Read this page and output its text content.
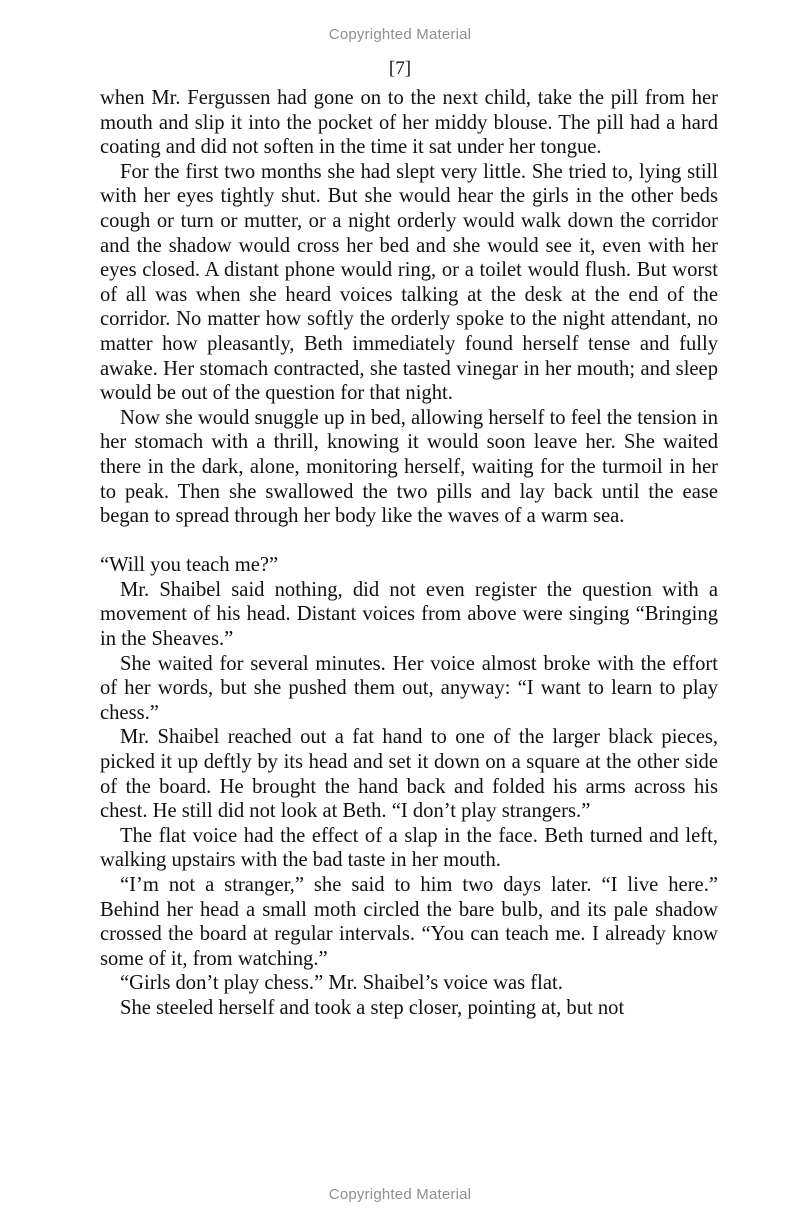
Copyrighted Material
[7]

when Mr. Fergussen had gone on to the next child, take the pill from her mouth and slip it into the pocket of her middy blouse. The pill had a hard coating and did not soften in the time it sat under her tongue.

For the first two months she had slept very little. She tried to, lying still with her eyes tightly shut. But she would hear the girls in the other beds cough or turn or mutter, or a night orderly would walk down the corridor and the shadow would cross her bed and she would see it, even with her eyes closed. A distant phone would ring, or a toilet would flush. But worst of all was when she heard voices talking at the desk at the end of the corridor. No matter how softly the orderly spoke to the night attendant, no matter how pleasantly, Beth immediately found herself tense and fully awake. Her stomach contracted, she tasted vinegar in her mouth; and sleep would be out of the question for that night.

Now she would snuggle up in bed, allowing herself to feel the tension in her stomach with a thrill, knowing it would soon leave her. She waited there in the dark, alone, monitoring herself, waiting for the turmoil in her to peak. Then she swallowed the two pills and lay back until the ease began to spread through her body like the waves of a warm sea.

“Will you teach me?”

Mr. Shaibel said nothing, did not even register the question with a movement of his head. Distant voices from above were singing “Bringing in the Sheaves.”

She waited for several minutes. Her voice almost broke with the effort of her words, but she pushed them out, anyway: “I want to learn to play chess.”

Mr. Shaibel reached out a fat hand to one of the larger black pieces, picked it up deftly by its head and set it down on a square at the other side of the board. He brought the hand back and folded his arms across his chest. He still did not look at Beth. “I don’t play strangers.”

The flat voice had the effect of a slap in the face. Beth turned and left, walking upstairs with the bad taste in her mouth.

“I’m not a stranger,” she said to him two days later. “I live here.” Behind her head a small moth circled the bare bulb, and its pale shadow crossed the board at regular intervals. “You can teach me. I already know some of it, from watching.”

“Girls don’t play chess.” Mr. Shaibel’s voice was flat.

She steeled herself and took a step closer, pointing at, but not

Copyrighted Material
